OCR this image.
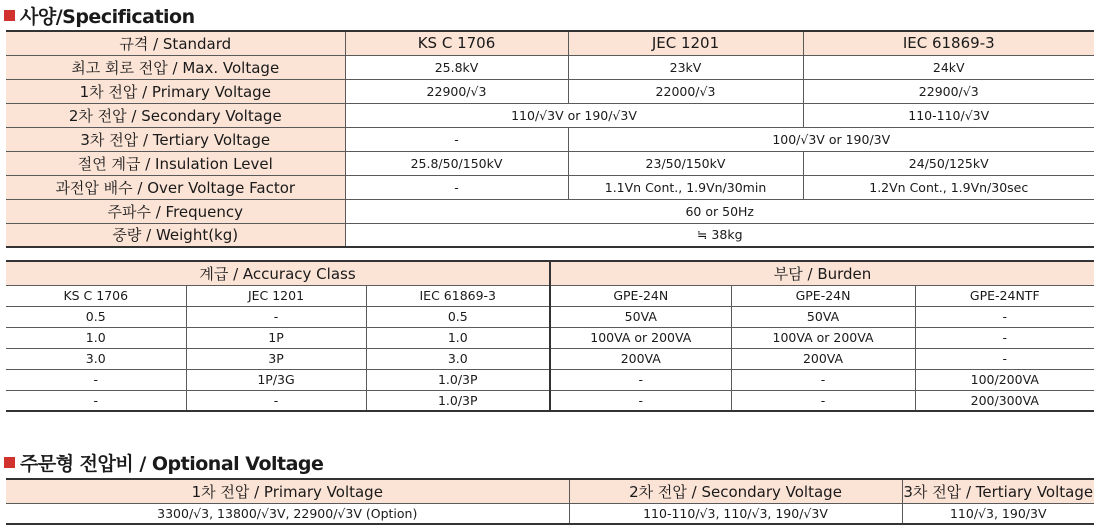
사양/Specification
규격 / Standard	KS C 1706	JEC 1201	IEC 61869-3
최고 회로 전압 / Max. Voltage	25.8kV	23kV	24kV
1차 전압 / Primary Voltage	22900/√3	22000/√3	22900/√3
2차 전압 / Secondary Voltage	110/√3V or 190/√3V		110-110/√3V
3차 전압 / Tertiary Voltage	-	100/√3V or 190/3V	
절연 계급 / Insulation Level	25.8/50/150kV	23/50/150kV	24/50/125kV
과전압 배수 / Over Voltage Factor	-	1.1Vn Cont., 1.9Vn/30min	1.2Vn Cont., 1.9Vn/30sec
주파수 / Frequency	60 or 50Hz		
중량 / Weight(kg)	≒ 38kg		
계급 / Accuracy Class			부담 / Burden		
KS C 1706	JEC 1201	IEC 61869-3	GPE-24N	GPE-24N	GPE-24NTF
0.5	-	0.5	50VA	50VA	-
1.0	1P	1.0	100VA or 200VA	100VA or 200VA	-
3.0	3P	3.0	200VA	200VA	-
-	1P/3G	1.0/3P	-	-	100/200VA
-	-	1.0/3P	-	-	200/300VA
주문형 전압비 / Optional Voltage
1차 전압 / Primary Voltage	2차 전압 / Secondary Voltage	3차 전압 / Tertiary Voltage
3300/√3, 13800/√3V, 22900/√3V (Option)	110-110/√3, 110/√3, 190/√3V	110/√3, 190/3V
